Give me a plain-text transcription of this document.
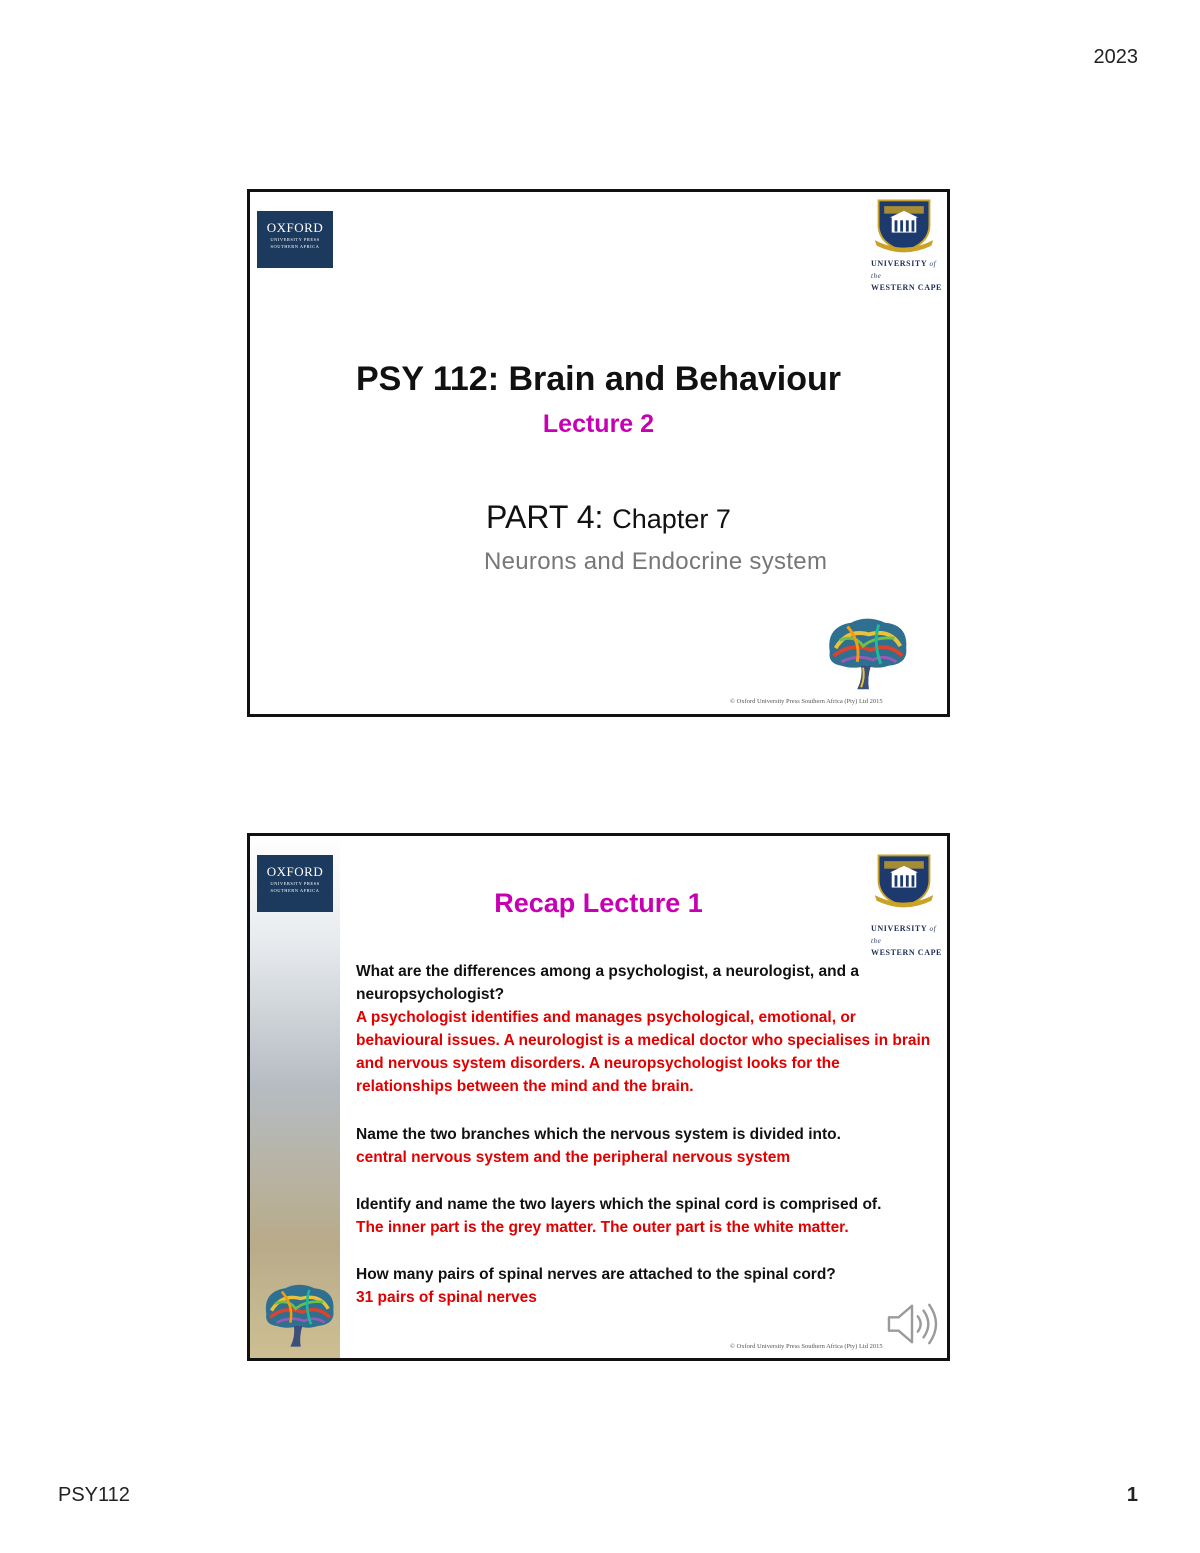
2023
OXFORD
UNIVERSITY PRESS
SOUTHERN AFRICA
UNIVERSITY of the
WESTERN CAPE
PSY 112: Brain and Behaviour
Lecture 2
PART 4: Chapter 7
Neurons and Endocrine system
© Oxford University Press Southern Africa (Pty) Ltd 2015
OXFORD
UNIVERSITY PRESS
SOUTHERN AFRICA
UNIVERSITY of the
WESTERN CAPE
Recap Lecture 1
What are the differences among a psychologist, a neurologist, and a neuropsychologist?
A psychologist identifies and manages psychological, emotional, or behavioural issues. A neurologist is a medical doctor who specialises in brain and nervous system disorders. A neuropsychologist looks for the relationships between the mind and the brain.
Name the two branches which the nervous system is divided into.
central nervous system and the peripheral nervous system
Identify and name the two layers which the spinal cord is comprised of.
The inner part is the grey matter. The outer part is the white matter.
How many pairs of spinal nerves are attached to the spinal cord?
31 pairs of spinal nerves
© Oxford University Press Southern Africa (Pty) Ltd 2015
PSY112	1
